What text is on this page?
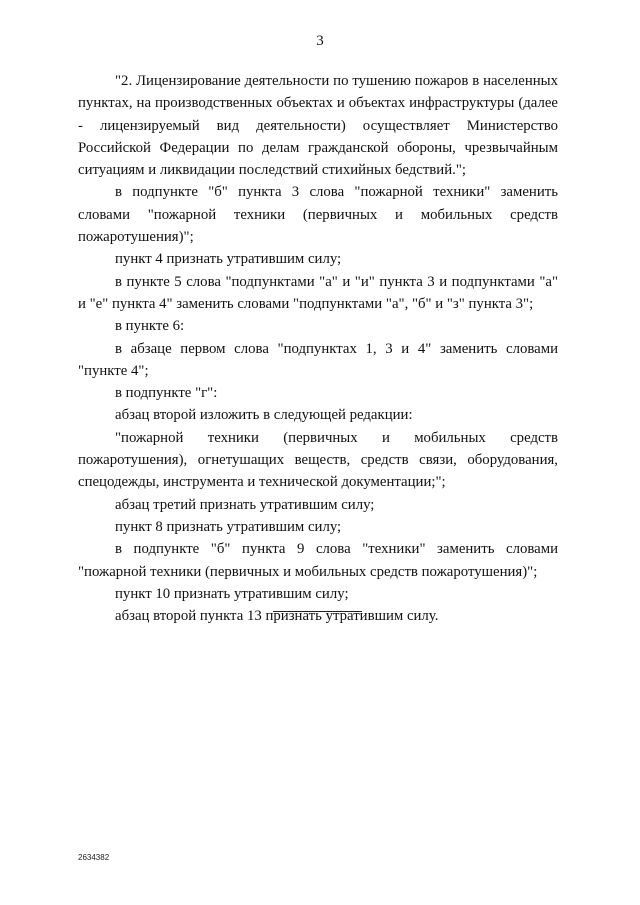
3

"2. Лицензирование деятельности по тушению пожаров в населенных пунктах, на производственных объектах и объектах инфраструктуры (далее - лицензируемый вид деятельности) осуществляет Министерство Российской Федерации по делам гражданской обороны, чрезвычайным ситуациям и ликвидации последствий стихийных бедствий.";

в подпункте "б" пункта 3 слова "пожарной техники" заменить словами "пожарной техники (первичных и мобильных средств пожаротушения)";

пункт 4 признать утратившим силу;

в пункте 5 слова "подпунктами "а" и "и" пункта 3 и подпунктами "а" и "е" пункта 4" заменить словами "подпунктами "а", "б" и "з" пункта 3";

в пункте 6:

в абзаце первом слова "подпунктах 1, 3 и 4" заменить словами "пункте 4";

в подпункте "г":

абзац второй изложить в следующей редакции:

"пожарной техники (первичных и мобильных средств пожаротушения), огнетушащих веществ, средств связи, оборудования, спецодежды, инструмента и технической документации;";

абзац третий признать утратившим силу;

пункт 8 признать утратившим силу;

в подпункте "б" пункта 9 слова "техники" заменить словами "пожарной техники (первичных и мобильных средств пожаротушения)";

пункт 10 признать утратившим силу;

абзац второй пункта 13 признать утратившим силу.

2634382
